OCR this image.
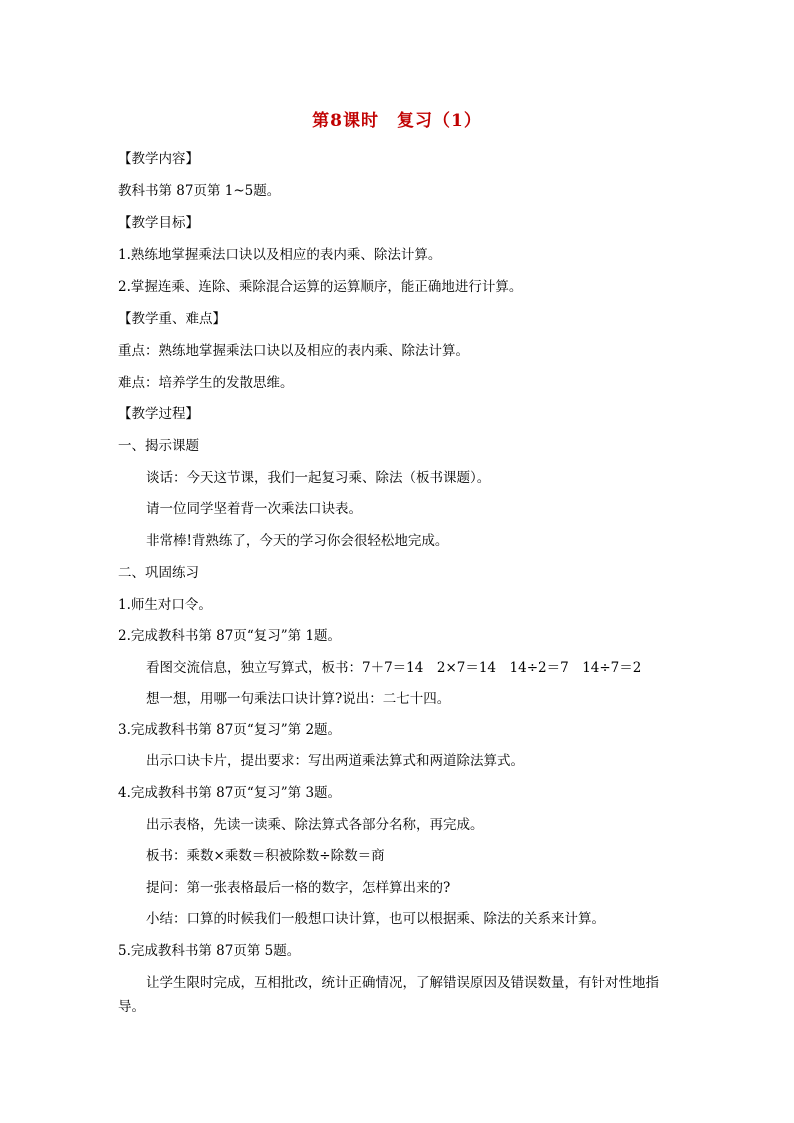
第8课时　复习（1）
【教学内容】
教科书第 87页第 1~5题。
【教学目标】
1.熟练地掌握乘法口诀以及相应的表内乘、除法计算。
2.掌握连乘、连除、乘除混合运算的运算顺序，能正确地进行计算。
【教学重、难点】
重点：熟练地掌握乘法口诀以及相应的表内乘、除法计算。
难点：培养学生的发散思维。
【教学过程】
一、揭示课题
谈话：今天这节课，我们一起复习乘、除法（板书课题）。
请一位同学坚着背一次乘法口诀表。
非常棒!背熟练了，今天的学习你会很轻松地完成。
二、巩固练习
1.师生对口令。
2.完成教科书第 87页“复习”第 1题。
看图交流信息，独立写算式，板书：7＋7＝14　2×7＝14　14÷2＝7　14÷7＝2
想一想，用哪一句乘法口诀计算?说出：二七十四。
3.完成教科书第 87页“复习”第 2题。
出示口诀卡片，提出要求：写出两道乘法算式和两道除法算式。
4.完成教科书第 87页“复习”第 3题。
出示表格，先读一读乘、除法算式各部分名称，再完成。
板书：乘数×乘数＝积被除数÷除数＝商
提问：第一张表格最后一格的数字，怎样算出来的?
小结：口算的时候我们一般想口诀计算，也可以根据乘、除法的关系来计算。
5.完成教科书第 87页第 5题。
让学生限时完成，互相批改，统计正确情况，了解错误原因及错误数量，有针对性地指导。
